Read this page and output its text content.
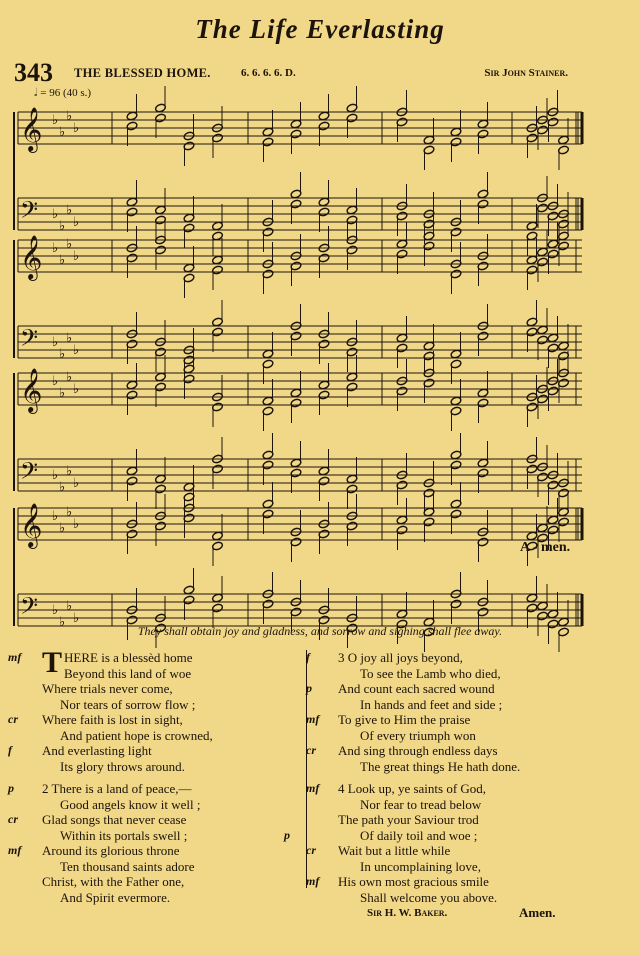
The Life Everlasting
343 THE BLESSED HOME.	6. 6. 6. 6. D.	Sir John Stainer.
𝅗𝅥 = 96 (40 s.)
𝄞 ♭
♭
♭
♭
𝄢 ♭
♭
♭
♭
𝄞 ♭
♭
♭
♭
𝄢 ♭
♭
♭
♭
𝄞 ♭
♭
♭
♭
𝄢 ♭
♭
♭
♭
𝄞 ♭
♭
♭
♭
𝄢 ♭
♭
♭
♭
A - men.
They shall obtain joy and gladness, and sorrow and sighing shall flee away.
mf T HERE is a blessèd home
Beyond this land of woe
Where trials never come,
Nor tears of sorrow flow ;
cr Where faith is lost in sight,
And patient hope is crowned,
f And everlasting light
Its glory throws around.
p 2 There is a land of peace,—
Good angels know it well ;
cr Glad songs that never cease
Within its portals swell ;
mf Around its glorious throne
Ten thousand saints adore
Christ, with the Father one,
And Spirit evermore.
f 3 O joy all joys beyond,
To see the Lamb who died,
p And count each sacred wound
In hands and feet and side ;
mf To give to Him the praise
Of every triumph won
cr And sing through endless days
The great things He hath done.
mf 4 Look up, ye saints of God,
Nor fear to tread below
The path your Saviour trod
p	Of daily toil and woe ;
cr Wait but a little while
In uncomplaining love,
mf His own most gracious smile
Shall welcome you above.
Sir H. W. Baker.	Amen.
